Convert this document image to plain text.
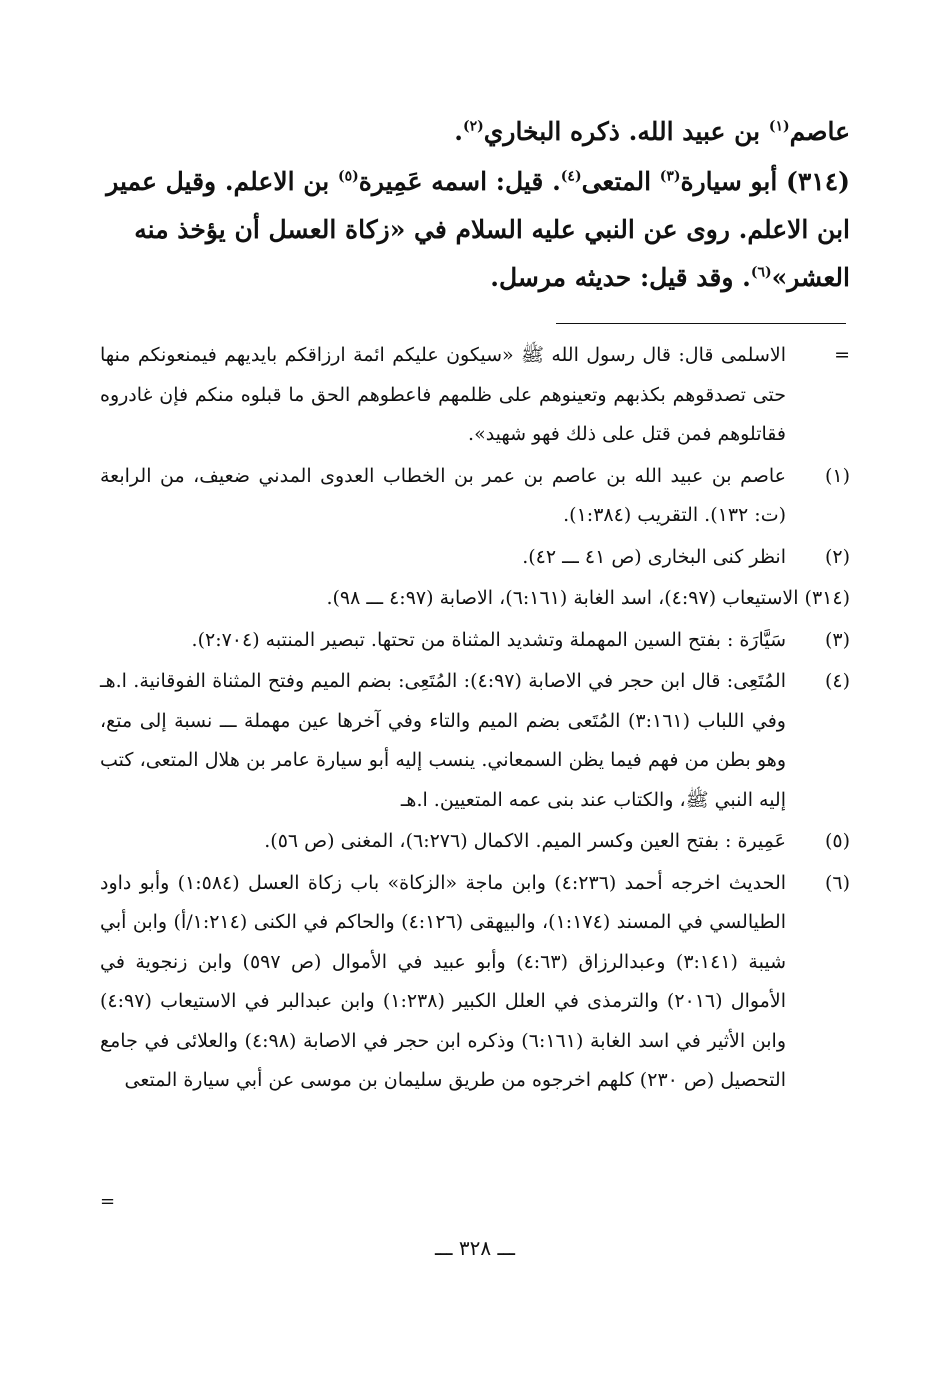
عاصم$^{(١)}$ بن عبيد الله. ذكره البخاري$^{(٢)}$.

(٣١٤) أبو سيارة$^{(٣)}$ المتعى$^{(٤)}$. قيل: اسمه عَمِيرة$^{(٥)}$ بن الاعلم. وقيل عمير ابن الاعلم. روى عن النبي عليه السلام في «زكاة العسل أن يؤخذ منه العشر»$^{(٦)}$. وقد قيل: حديثه مرسل.

=
الاسلمى قال: قال رسول الله ﷺ «سيكون عليكم ائمة ارزاقكم بايديهم فيمنعونكم منها حتى تصدقوهم بكذبهم وتعينوهم على ظلمهم فاعطوهم الحق ما قبلوه منكم فإن غادروه فقاتلوهم فمن قتل على ذلك فهو شهيد».
(١)
عاصم بن عبيد الله بن عاصم بن عمر بن الخطاب العدوى المدني ضعيف، من الرابعة (ت: ١٣٢). التقريب (١:٣٨٤).
(٢)
انظر كنى البخارى (ص ٤١ ـــ ٤٢).
(٣١٤) الاستيعاب (٤:٩٧)، اسد الغابة (٦:١٦١)، الاصابة (٤:٩٧ ـــ ٩٨).
(٣)
سَيَّارَة : بفتح السين المهملة وتشديد المثناة من تحتها. تبصير المنتبه (٢:٧٠٤).
(٤)
المُتَعِى: قال ابن حجر في الاصابة (٤:٩٧): المُتَعِى: بضم الميم وفتح المثناة الفوقانية. ا.هـ وفي اللباب (٣:١٦١) المُتَعى بضم الميم والتاء وفي آخرها عين مهملة ـــ نسبة إلى متع، وهو بطن من فهم فيما يظن السمعاني. ينسب إليه أبو سيارة عامر بن هلال المتعى، كتب إليه النبي ﷺ، والكتاب عند بنى عمه المتعيين. ا.هـ
(٥)
عَمِيرة : بفتح العين وكسر الميم. الاكمال (٦:٢٧٦)، المغنى (ص ٥٦).
(٦)
الحديث اخرجه أحمد (٤:٢٣٦) وابن ماجة «الزكاة» باب زكاة العسل (١:٥٨٤) وأبو داود الطيالسي في المسند (١:١٧٤)، والبيهقى (٤:١٢٦) والحاكم في الكنى (١:٢١٤/أ) وابن أبي شيبة (٣:١٤١) وعبدالرزاق (٤:٦٣) وأبو عبيد في الأموال (ص ٥٩٧) وابن زنجوية في الأموال (٢٠١٦) والترمذى في العلل الكبير (١:٢٣٨) وابن عبدالبر في الاستيعاب (٤:٩٧) وابن الأثير في اسد الغابة (٦:١٦١) وذكره ابن حجر في الاصابة (٤:٩٨) والعلائى في جامع التحصيل (ص ٢٣٠) كلهم اخرجوه من طريق سليمان بن موسى عن أبي سيارة المتعى
=
ـــ ٣٢٨ ـــ
